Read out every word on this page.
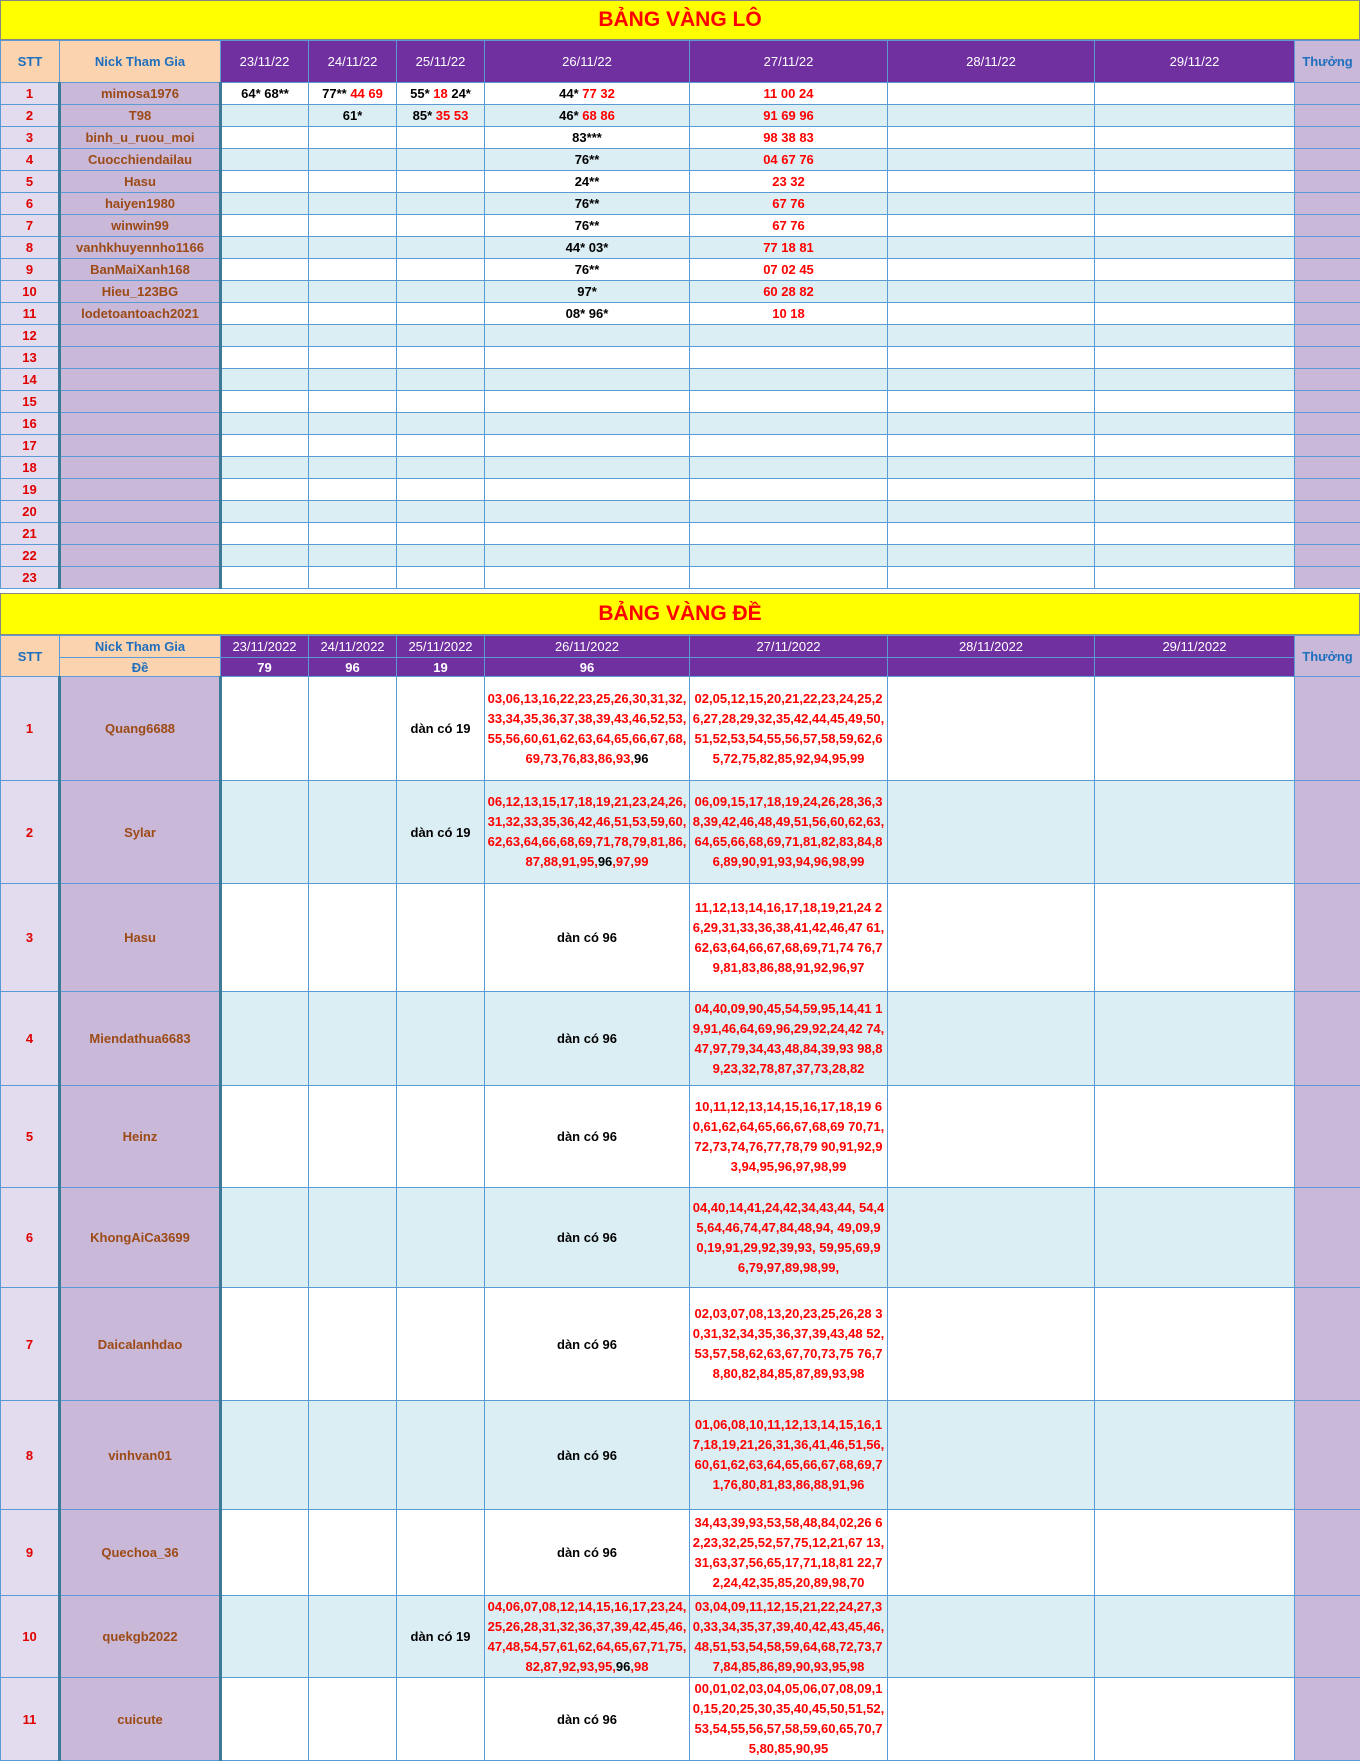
BẢNG VÀNG LÔ
STT	Nick Tham Gia	23/11/22	24/11/22	25/11/22	26/11/22	27/11/22	28/11/22	29/11/22	Thưởng
1	mimosa1976	64* 68**	77** 44 69	55* 18 24*	44* 77 32	11 00 24			
2	T98		61*	85* 35 53	46* 68 86	91 69 96			
3	binh_u_ruou_moi				83***	98 38 83			
4	Cuocchiendailau				76**	04 67 76			
5	Hasu				24**	23 32			
6	haiyen1980				76**	67 76			
7	winwin99				76**	67 76			
8	vanhkhuyennho1166				44* 03*	77 18 81			
9	BanMaiXanh168				76**	07 02 45			
10	Hieu_123BG				97*	60 28 82			
11	lodetoantoach2021				08* 96*	10 18			
12									
13									
14									
15									
16									
17									
18									
19									
20									
21									
22									
23									
BẢNG VÀNG ĐỀ
STT	Nick Tham Gia	23/11/2022	24/11/2022	25/11/2022	26/11/2022	27/11/2022	28/11/2022	29/11/2022	Thưởng
	Đề	79	96	19	96				
1	Quang6688			dàn có 19	03,06,13,16,22,23,25,26,30,31,32,33,34,35,36,37,38,39,43,46,52,53,55,56,60,61,62,63,64,65,66,67,68,69,73,76,83,86,93,96	02,05,12,15,20,21,22,23,24,25,26,27,28,29,32,35,42,44,45,49,50,51,52,53,54,55,56,57,58,59,62,65,72,75,82,85,92,94,95,99			
2	Sylar			dàn có 19	06,12,13,15,17,18,19,21,23,24,26,31,32,33,35,36,42,46,51,53,59,60,62,63,64,66,68,69,71,78,79,81,86,87,88,91,95,96,97,99	06,09,15,17,18,19,24,26,28,36,38,39,42,46,48,49,51,56,60,62,63,64,65,66,68,69,71,81,82,83,84,86,89,90,91,93,94,96,98,99			
3	Hasu				dàn có 96	11,12,13,14,16,17,18,19,21,24 26,29,31,33,36,38,41,42,46,47 61,62,63,64,66,67,68,69,71,74 76,79,81,83,86,88,91,92,96,97			
4	Miendathua6683				dàn có 96	04,40,09,90,45,54,59,95,14,41 19,91,46,64,69,96,29,92,24,42 74,47,97,79,34,43,48,84,39,93 98,89,23,32,78,87,37,73,28,82			
5	Heinz				dàn có 96	10,11,12,13,14,15,16,17,18,19 60,61,62,64,65,66,67,68,69 70,71,72,73,74,76,77,78,79 90,91,92,93,94,95,96,97,98,99			
6	KhongAiCa3699				dàn có 96	04,40,14,41,24,42,34,43,44, 54,45,64,46,74,47,84,48,94, 49,09,90,19,91,29,92,39,93, 59,95,69,96,79,97,89,98,99,			
7	Daicalanhdao				dàn có 96	02,03,07,08,13,20,23,25,26,28 30,31,32,34,35,36,37,39,43,48 52,53,57,58,62,63,67,70,73,75 76,78,80,82,84,85,87,89,93,98			
8	vinhvan01				dàn có 96	01,06,08,10,11,12,13,14,15,16,17,18,19,21,26,31,36,41,46,51,56,60,61,62,63,64,65,66,67,68,69,71,76,80,81,83,86,88,91,96			
9	Quechoa_36				dàn có 96	34,43,39,93,53,58,48,84,02,26 62,23,32,25,52,57,75,12,21,67 13,31,63,37,56,65,17,71,18,81 22,72,24,42,35,85,20,89,98,70			
10	quekgb2022			dàn có 19	04,06,07,08,12,14,15,16,17,23,24,25,26,28,31,32,36,37,39,42,45,46,47,48,54,57,61,62,64,65,67,71,75,82,87,92,93,95,96,98	03,04,09,11,12,15,21,22,24,27,30,33,34,35,37,39,40,42,43,45,46,48,51,53,54,58,59,64,68,72,73,77,84,85,86,89,90,93,95,98			
11	cuicute				dàn có 96	00,01,02,03,04,05,06,07,08,09,10,15,20,25,30,35,40,45,50,51,52,53,54,55,56,57,58,59,60,65,70,75,80,85,90,95			
